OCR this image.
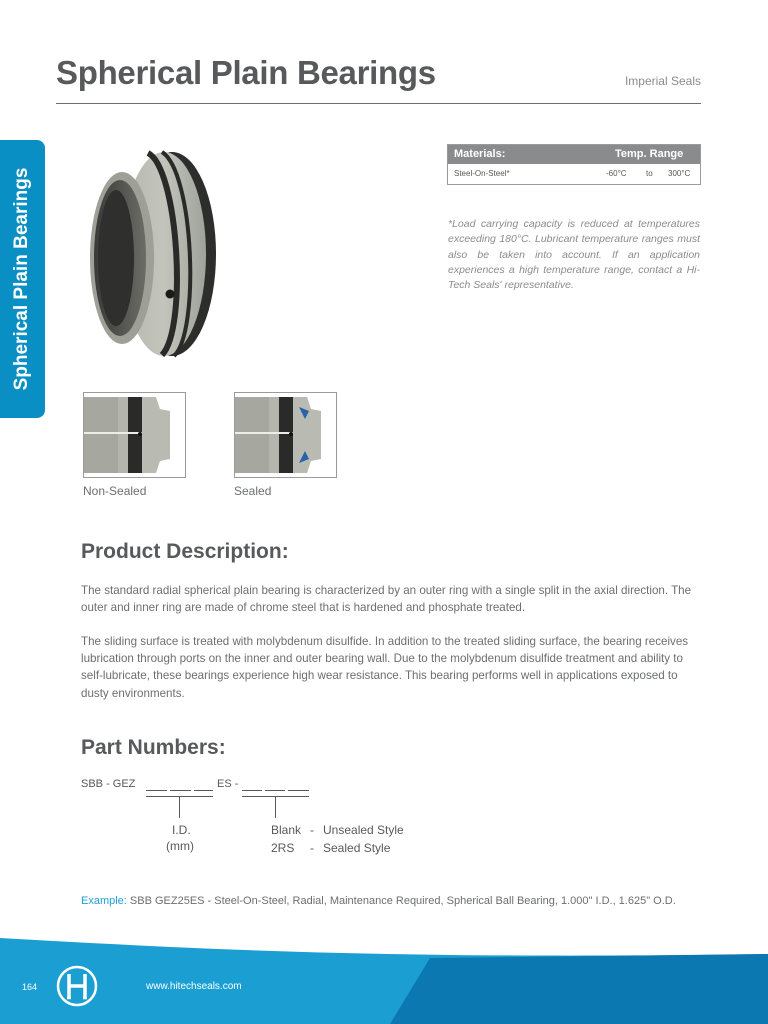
Spherical Plain Bearings	Imperial Seals
Spherical Plain Bearings
Materials:	Temp. Range
Steel-On-Steel*	-60°C to 300°C

*Load carrying capacity is reduced at temperatures exceeding 180°C. Lubricant temperature ranges must also be taken into account. If an application experiences a high temperature range, contact a Hi-Tech Seals' representative.

Non-Sealed	Sealed
Product Description:

The standard radial spherical plain bearing is characterized by an outer ring with a single split in the axial direction. The outer and inner ring are made of chrome steel that is hardened and phosphate treated.

The sliding surface is treated with molybdenum disulfide. In addition to the treated sliding surface, the bearing receives lubrication through ports on the inner and outer bearing wall. Due to the molybdenum disulfide treatment and ability to self-lubricate, these bearings experience high wear resistance. This bearing performs well in applications exposed to dusty environments.

Part Numbers:
SBB - GEZ	ES -
I.D.
(mm)
Blank - Unsealed Style
2RS - Sealed Style
Example: SBB GEZ25ES - Steel-On-Steel, Radial, Maintenance Required, Spherical Ball Bearing, 1.000" I.D., 1.625" O.D.
164	www.hitechseals.com
